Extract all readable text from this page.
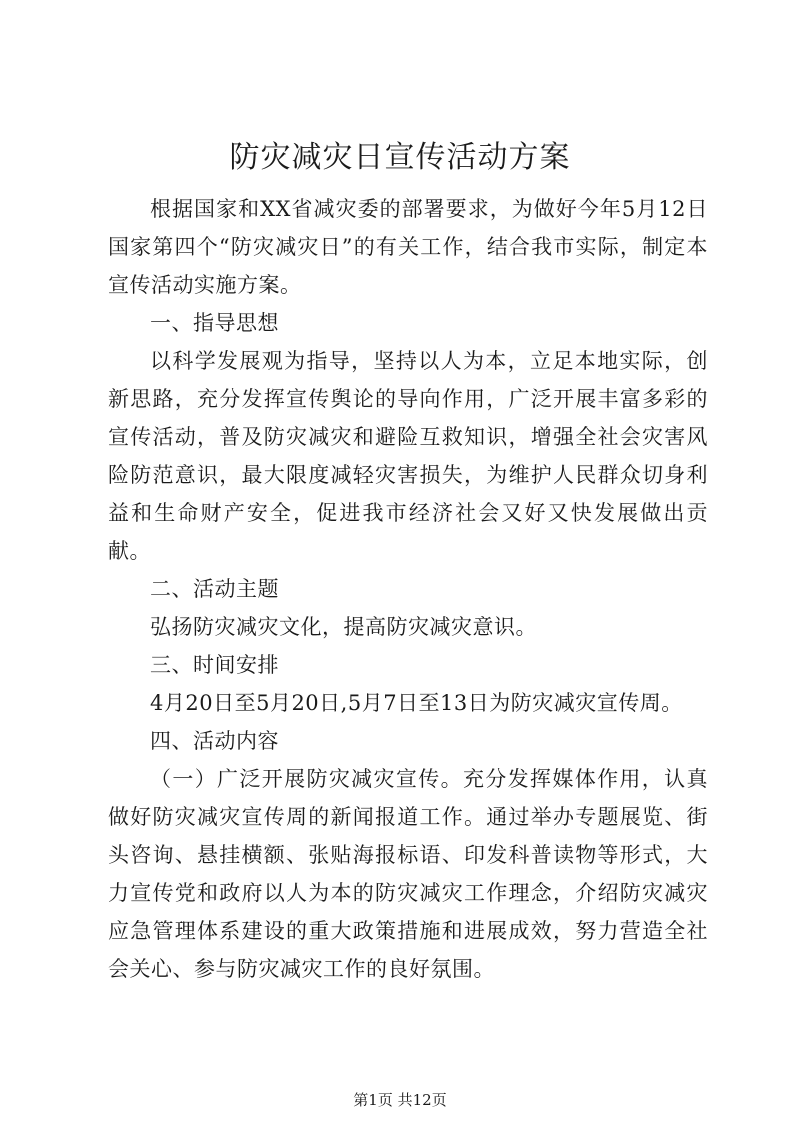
防灾减灾日宣传活动方案

根据国家和XX省减灾委的部署要求，为做好今年5月12日国家第四个“防灾减灾日”的有关工作，结合我市实际，制定本宣传活动实施方案。

一、指导思想

以科学发展观为指导，坚持以人为本，立足本地实际，创新思路，充分发挥宣传舆论的导向作用，广泛开展丰富多彩的宣传活动，普及防灾减灾和避险互救知识，增强全社会灾害风险防范意识，最大限度减轻灾害损失，为维护人民群众切身利益和生命财产安全，促进我市经济社会又好又快发展做出贡献。

二、活动主题

弘扬防灾减灾文化，提高防灾减灾意识。

三、时间安排

4月20日至5月20日,5月7日至13日为防灾减灾宣传周。

四、活动内容

（一）广泛开展防灾减灾宣传。充分发挥媒体作用，认真做好防灾减灾宣传周的新闻报道工作。通过举办专题展览、街头咨询、悬挂横额、张贴海报标语、印发科普读物等形式，大力宣传党和政府以人为本的防灾减灾工作理念，介绍防灾减灾应急管理体系建设的重大政策措施和进展成效，努力营造全社会关心、参与防灾减灾工作的良好氛围。

第1页 共12页
